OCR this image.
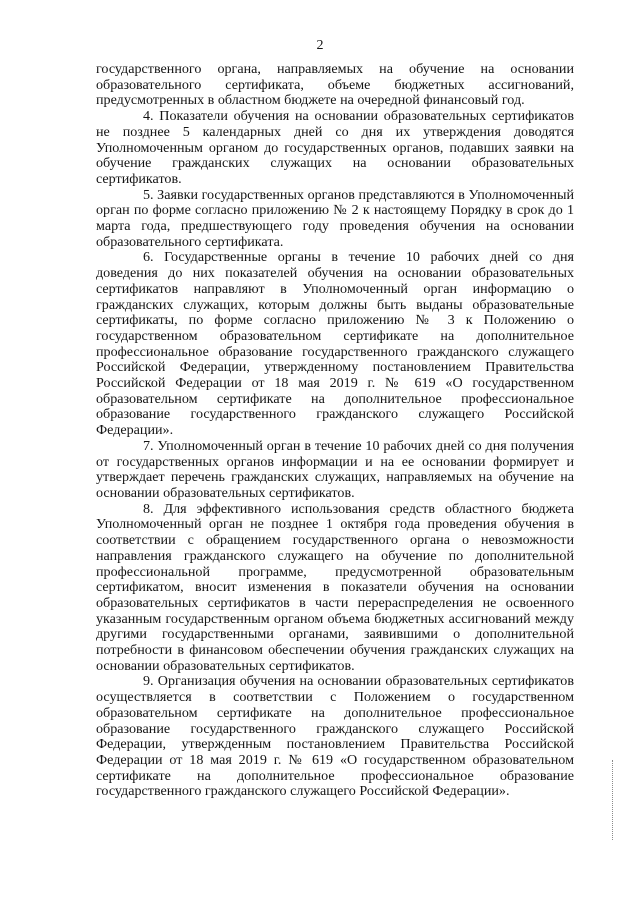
2

государственного органа, направляемых на обучение на основании образовательного сертификата, объеме бюджетных ассигнований, предусмотренных в областном бюджете на очередной финансовый год.

4. Показатели обучения на основании образовательных сертификатов не позднее 5 календарных дней со дня их утверждения доводятся Уполномоченным органом до государственных органов, подавших заявки на обучение гражданских служащих на основании образовательных сертификатов.

5. Заявки государственных органов представляются в Уполномоченный орган по форме согласно приложению № 2 к настоящему Порядку в срок до 1 марта года, предшествующего году проведения обучения на основании образовательного сертификата.

6. Государственные органы в течение 10 рабочих дней со дня доведения до них показателей обучения на основании образовательных сертификатов направляют в Уполномоченный орган информацию о гражданских служащих, которым должны быть выданы образовательные сертификаты, по форме согласно приложению № 3 к Положению о государственном образовательном сертификате на дополнительное профессиональное образование государственного гражданского служащего Российской Федерации, утвержденному постановлением Правительства Российской Федерации от 18 мая 2019 г. № 619 «О государственном образовательном сертификате на дополнительное профессиональное образование государственного гражданского служащего Российской Федерации».

7. Уполномоченный орган в течение 10 рабочих дней со дня получения от государственных органов информации и на ее основании формирует и утверждает перечень гражданских служащих, направляемых на обучение на основании образовательных сертификатов.

8. Для эффективного использования средств областного бюджета Уполномоченный орган не позднее 1 октября года проведения обучения в соответствии с обращением государственного органа о невозможности направления гражданского служащего на обучение по дополнительной профессиональной программе, предусмотренной образовательным сертификатом, вносит изменения в показатели обучения на основании образовательных сертификатов в части перераспределения не освоенного указанным государственным органом объема бюджетных ассигнований между другими государственными органами, заявившими о дополнительной потребности в финансовом обеспечении обучения гражданских служащих на основании образовательных сертификатов.

9. Организация обучения на основании образовательных сертификатов осуществляется в соответствии с Положением о государственном образовательном сертификате на дополнительное профессиональное образование государственного гражданского служащего Российской Федерации, утвержденным постановлением Правительства Российской Федерации от 18 мая 2019 г. № 619 «О государственном образовательном сертификате на дополнительное профессиональное образование государственного гражданского служащего Российской Федерации».
